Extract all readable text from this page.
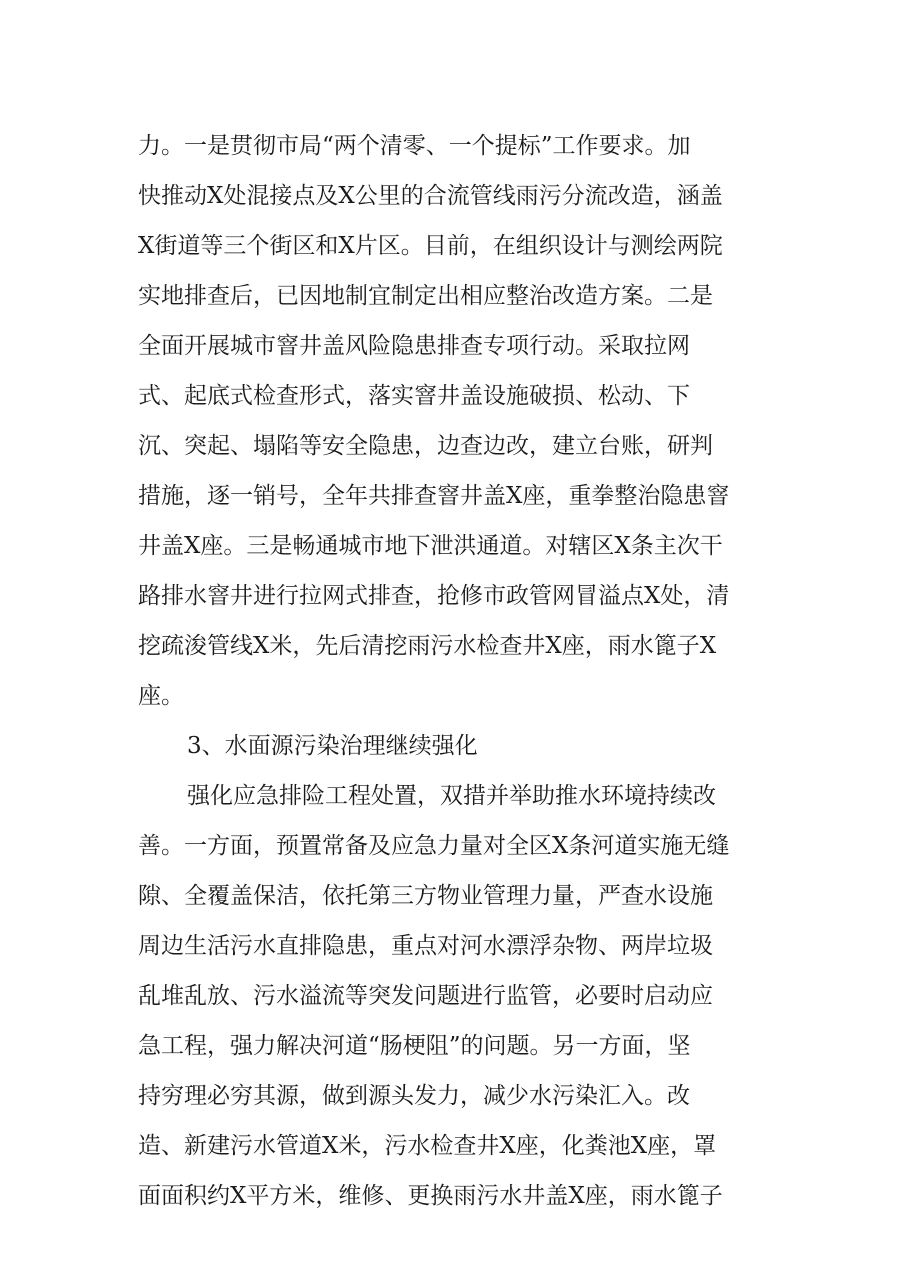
力。一是贯彻市局“两个清零、一个提标”工作要求。加
快推动X处混接点及X公里的合流管线雨污分流改造，涵盖
X街道等三个街区和X片区。目前，在组织设计与测绘两院
实地排查后，已因地制宜制定出相应整治改造方案。二是
全面开展城市窨井盖风险隐患排查专项行动。采取拉网
式、起底式检查形式，落实窨井盖设施破损、松动、下
沉、突起、塌陷等安全隐患，边查边改，建立台账，研判
措施，逐一销号，全年共排查窨井盖X座，重拳整治隐患窨
井盖X座。三是畅通城市地下泄洪通道。对辖区X条主次干
路排水窨井进行拉网式排查，抢修市政管网冒溢点X处，清
挖疏浚管线X米，先后清挖雨污水检查井X座，雨水篦子X
座。
3、水面源污染治理继续强化
强化应急排险工程处置，双措并举助推水环境持续改
善。一方面，预置常备及应急力量对全区X条河道实施无缝
隙、全覆盖保洁，依托第三方物业管理力量，严查水设施
周边生活污水直排隐患，重点对河水漂浮杂物、两岸垃圾
乱堆乱放、污水溢流等突发问题进行监管，必要时启动应
急工程，强力解决河道“肠梗阻”的问题。另一方面，坚
持穷理必穷其源，做到源头发力，减少水污染汇入。改
造、新建污水管道X米，污水检查井X座，化粪池X座，罩
面面积约X平方米，维修、更换雨污水井盖X座，雨水篦子
